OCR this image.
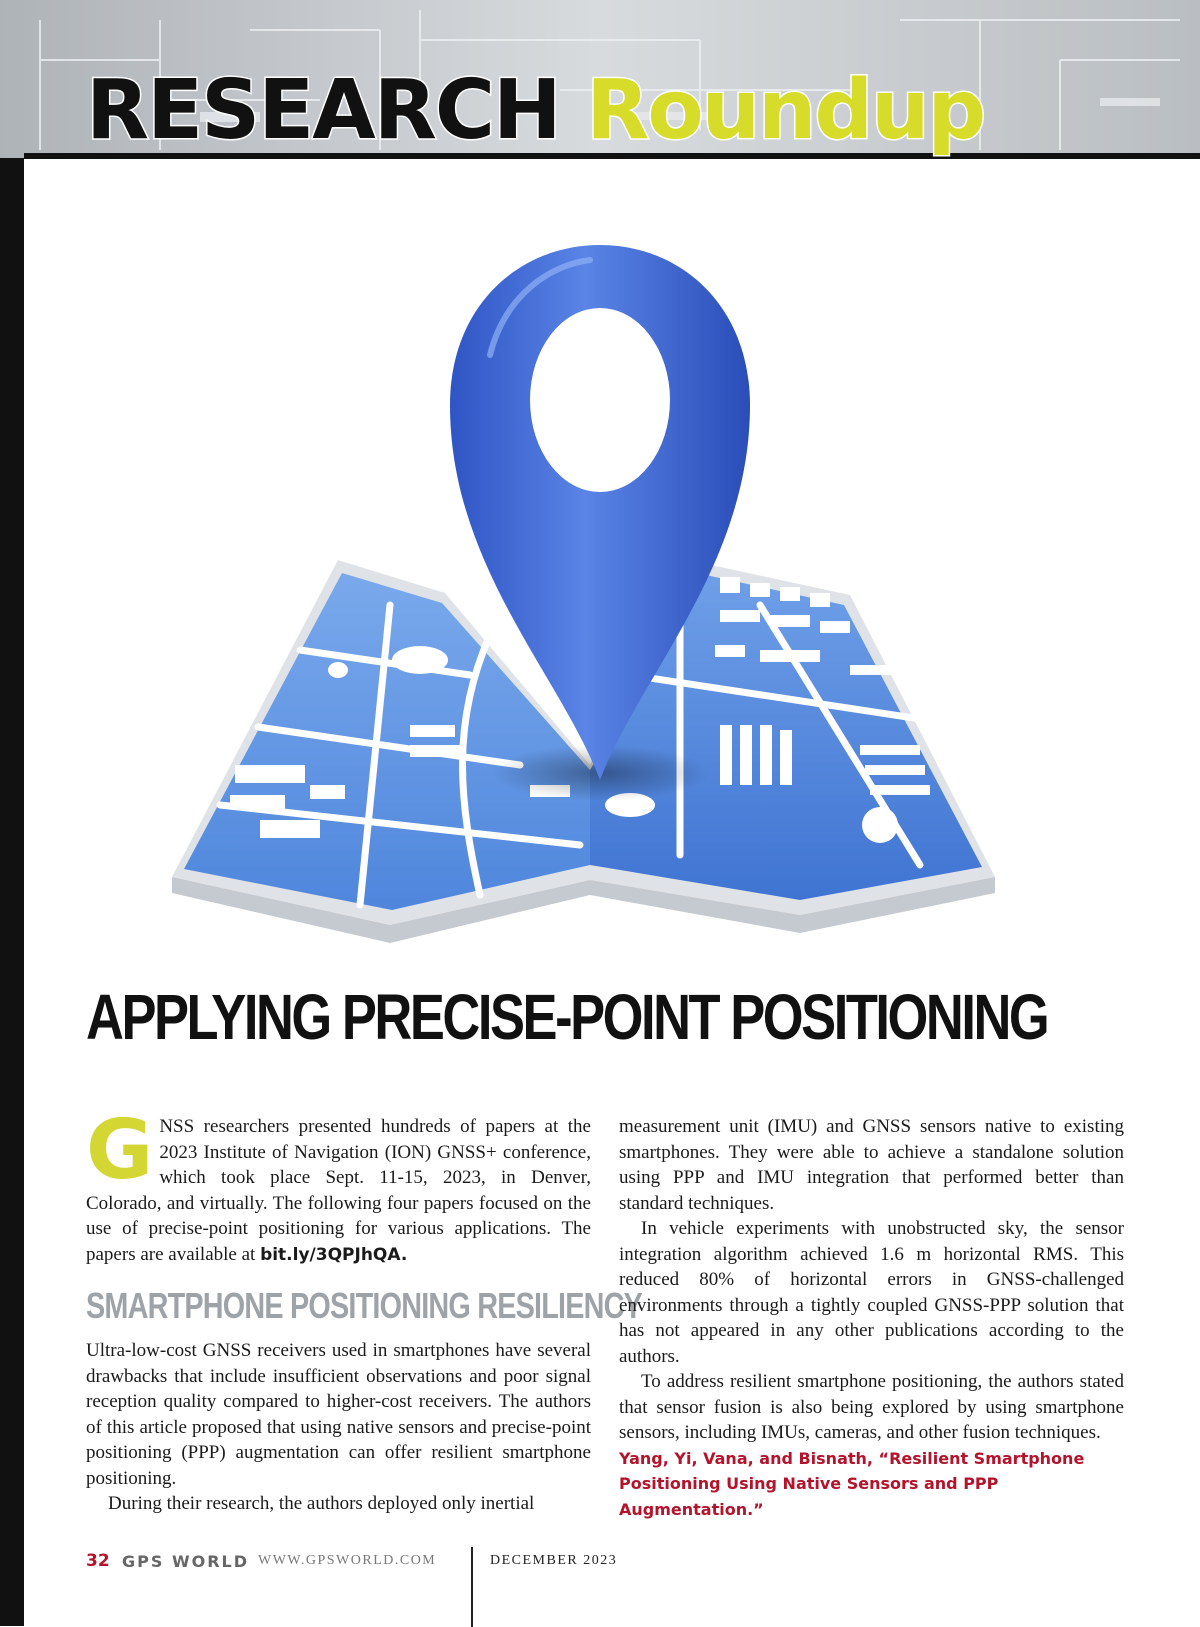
RESEARCH Roundup
APPLYING PRECISE-POINT POSITIONING

GNSS researchers presented hundreds of papers at the 2023 Institute of Navigation (ION) GNSS+ conference, which took place Sept. 11-15, 2023, in Denver, Colorado, and virtually. The following four papers focused on the use of precise-point positioning for various applications. The papers are available at bit.ly/3QPJhQA.

SMARTPHONE POSITIONING RESILIENCY

Ultra-low-cost GNSS receivers used in smartphones have several drawbacks that include insufficient observations and poor signal reception quality compared to higher-cost receivers. The authors of this article proposed that using native sensors and precise-point positioning (PPP) augmentation can offer resilient smartphone positioning.

During their research, the authors deployed only inertial

measurement unit (IMU) and GNSS sensors native to existing smartphones. They were able to achieve a standalone solution using PPP and IMU integration that performed better than standard techniques.

In vehicle experiments with unobstructed sky, the sensor integration algorithm achieved 1.6 m horizontal RMS. This reduced 80% of horizontal errors in GNSS-challenged environments through a tightly coupled GNSS-PPP solution that has not appeared in any other publications according to the authors.

To address resilient smartphone positioning, the authors stated that sensor fusion is also being explored by using smartphone sensors, including IMUs, cameras, and other fusion techniques.

Yang, Yi, Vana, and Bisnath, “Resilient Smartphone Positioning Using Native Sensors and PPP Augmentation.”

32 GPS WORLD WWW.GPSWORLD.COM	DECEMBER 2023
